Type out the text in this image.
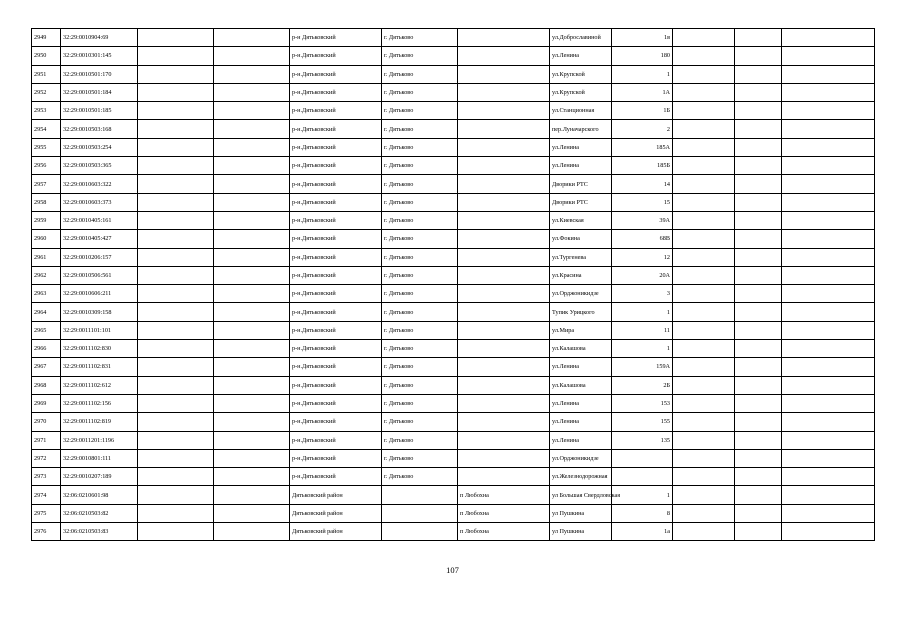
2949	32:29:0010904:69			р-н Дятьковский	г. Дятьково		ул.Доброславиной	1в			
2950	32:29:0010301:145			р-н.Дятьковский	г. Дятьково		ул.Ленина	180			
2951	32:29:0010501:170			р-н.Дятьковский	г. Дятьково		ул.Крупской	1			
2952	32:29:0010501:184			р-н.Дятьковский	г. Дятьково		ул.Крупской	1А			
2953	32:29:0010501:185			р-н.Дятьковский	г. Дятьково		ул.Станционная	1Б			
2954	32:29:0010503:168			р-н.Дятьковский	г. Дятьково		пер.Луначарского	2			
2955	32:29:0010503:254			р-н.Дятьковский	г. Дятьково		ул.Ленина	185А			
2956	32:29:0010503:365			р-н.Дятьковский	г. Дятьково		ул.Ленина	185Б			
2957	32:29:0010603:322			р-н.Дятьковский	г. Дятьково		Дворики РТС	14			
2958	32:29:0010603:373			р-н.Дятьковский	г. Дятьково		Дворики РТС	15			
2959	32:29:0010405:161			р-н.Дятьковский	г. Дятьково		ул.Киевская	39А			
2960	32:29:0010405:427			р-н.Дятьковский	г. Дятьково		ул.Фокина	68В			
2961	32:29:0010206:157			р-н.Дятьковский	г. Дятьково		ул.Тургенева	12			
2962	32:29:0010506:561			р-н.Дятьковский	г. Дятьково		ул.Красина	20А			
2963	32:29:0010606:211			р-н.Дятьковский	г. Дятьково		ул.Орджоникидзе	3			
2964	32:29:0010309:158			р-н.Дятьковский	г. Дятьково		Тупик Урицкого	1			
2965	32:29:0011101:101			р-н.Дятьковский	г. Дятьково		ул.Мира	11			
2966	32:29:0011102:830			р-н.Дятьковский	г. Дятьково		ул.Калашова	1			
2967	32:29:0011102:831			р-н.Дятьковский	г. Дятьково		ул.Ленина	159А			
2968	32:29:0011102:612			р-н.Дятьковский	г. Дятьково		ул.Калашова	2Б			
2969	32:29:0011102:156			р-н.Дятьковский	г. Дятьково		ул.Ленина	153			
2970	32:29:0011102:819			р-н.Дятьковский	г. Дятьково		ул.Ленина	155			
2971	32:29:0011201:1196			р-н.Дятьковский	г. Дятьково		ул.Ленина	135			
2972	32:29:0010801:111			р-н.Дятьковский	г. Дятьково		ул.Орджоникидзе				
2973	32:29:0010207:189			р-н.Дятьковский	г. Дятьково		ул.Железнодорожная				
2974	32:06:0210601:98			Дятьковский район		п Любохна	ул Большая Свердловская	1			
2975	32:06:0210503:82			Дятьковский район		п Любохна	ул Пушкина	8			
2976	32:06:0210503:83			Дятьковский район		п Любохна	ул Пушкина	1а			
107
